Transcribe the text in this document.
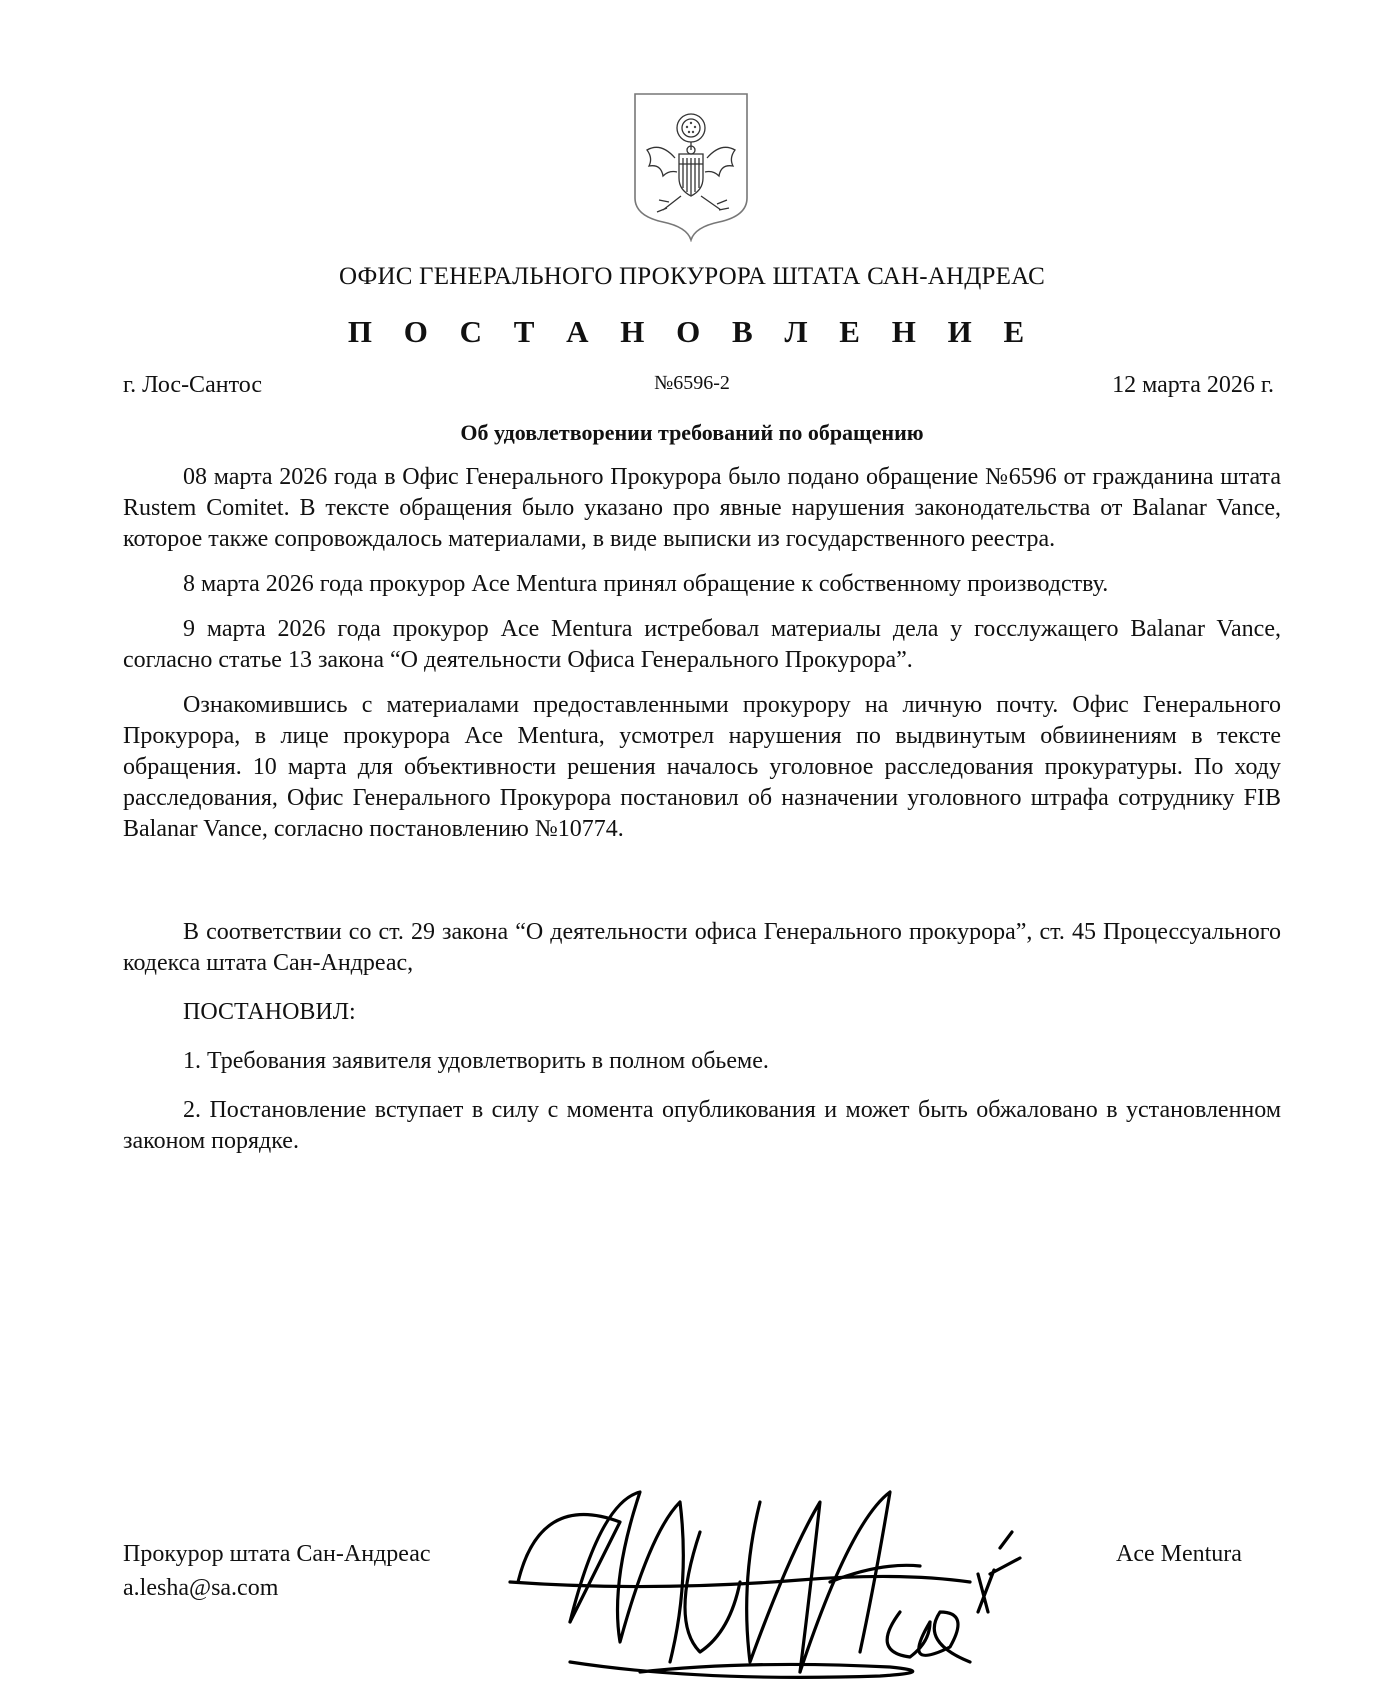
ОФИС ГЕНЕРАЛЬНОГО ПРОКУРОРА ШТАТА САН-АНДРЕАС
П О С Т А Н О В Л Е Н И Е
г. Лос-Сантос	№6596-2	12 марта 2026 г.
Об удовлетворении требований по обращению

08 марта 2026 года в Офис Генерального Прокурора было подано обращение №6596 от гражданина штата Rustem Comitet. В тексте обращения было указано про явные нарушения законодательства от Balanar Vance, которое также сопровождалось материалами, в виде выписки из государственного реестра.

8 марта 2026 года прокурор Ace Mentura принял обращение к собственному производству.

9 марта 2026 года прокурор Ace Mentura истребовал материалы дела у госслужащего Balanar Vance, согласно статье 13 закона “О деятельности Офиса Генерального Прокурора”.

Ознакомившись с материалами предоставленными прокурору на личную почту. Офис Генерального Прокурора, в лице прокурора Ace Mentura, усмотрел нарушения по выдвинутым обвиинениям в тексте обращения. 10 марта для объективности решения началось уголовное расследования прокуратуры. По ходу расследования, Офис Генерального Прокурора постановил об назначении уголовного штрафа сотруднику FIB Balanar Vance, согласно постановлению №10774.

В соответствии со ст. 29 закона “О деятельности офиса Генерального прокурора”, ст. 45 Процессуального кодекса штата Сан-Андреас,

ПОСТАНОВИЛ:

1. Требования заявителя удовлетворить в полном обьеме.

2. Постановление вступает в силу с момента опубликования и может быть обжаловано в установленном законом порядке.

Прокурор штата Сан-Андреас
a.lesha@sa.com
Ace Mentura
